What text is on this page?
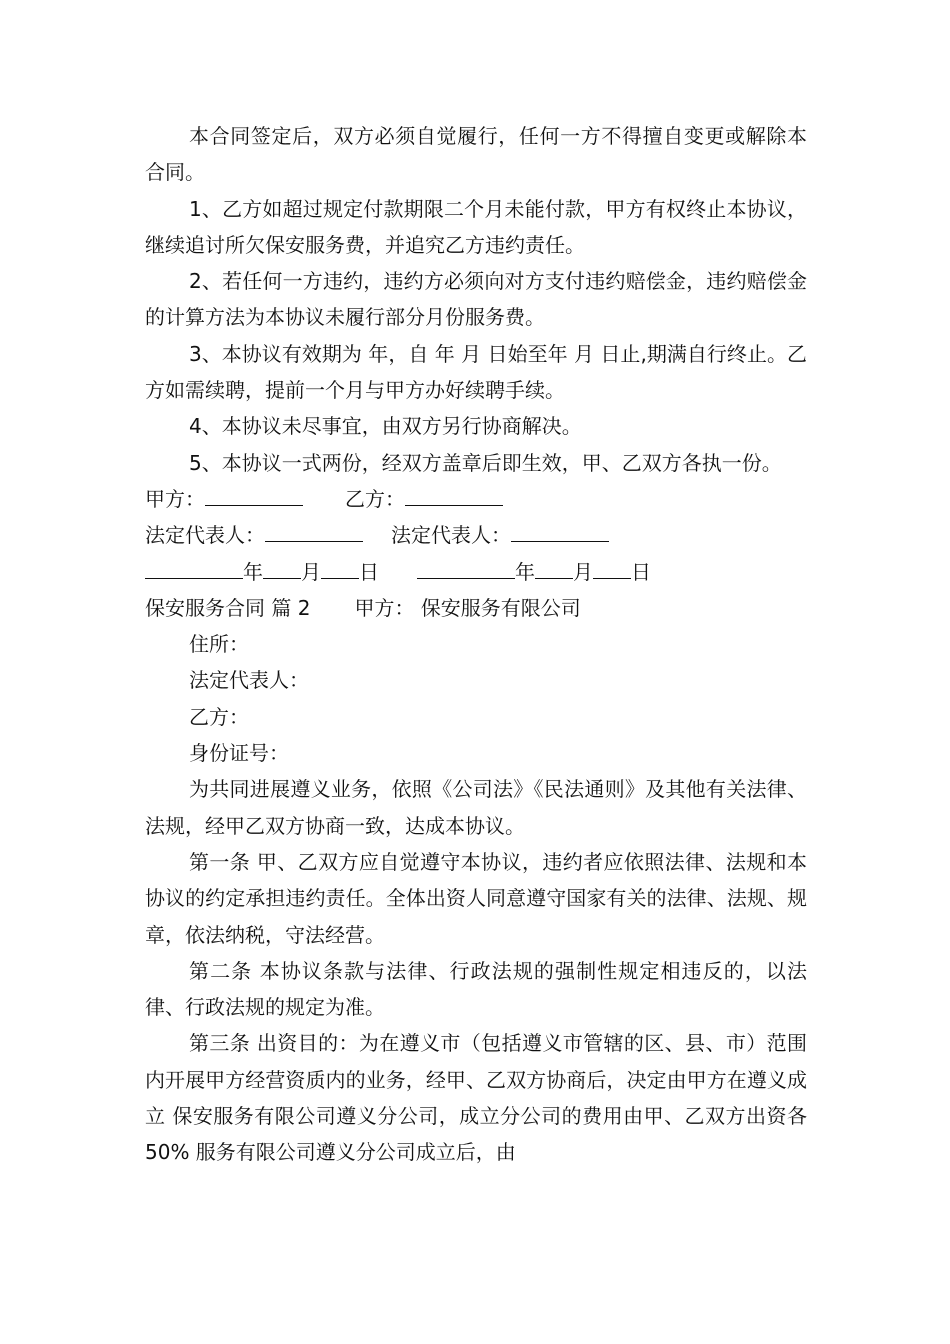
本合同签定后，双方必须自觉履行，任何一方不得擅自变更或解除本合同。

1、乙方如超过规定付款期限二个月未能付款，甲方有权终止本协议，继续追讨所欠保安服务费，并追究乙方违约责任。

2、若任何一方违约，违约方必须向对方支付违约赔偿金，违约赔偿金的计算方法为本协议未履行部分月份服务费。

3、本协议有效期为 年，自 年 月 日始至年 月 日止,期满自行终止。乙方如需续聘，提前一个月与甲方办好续聘手续。

4、本协议未尽事宜，由双方另行协商解决。

5、本协议一式两份，经双方盖章后即生效，甲、乙双方各执一份。

甲方：	乙方：

法定代表人：	法定代表人：

年 月 日	年 月 日

保安服务合同 篇 2 甲方： 保安服务有限公司

住所：

法定代表人：

乙方：

身份证号：

为共同进展遵义业务，依照《公司法》《民法通则》及其他有关法律、法规，经甲乙双方协商一致，达成本协议。

第一条 甲、乙双方应自觉遵守本协议，违约者应依照法律、法规和本协议的约定承担违约责任。全体出资人同意遵守国家有关的法律、法规、规章，依法纳税，守法经营。

第二条 本协议条款与法律、行政法规的强制性规定相违反的，以法律、行政法规的规定为准。

第三条 出资目的：为在遵义市（包括遵义市管辖的区、县、市）范围内开展甲方经营资质内的业务，经甲、乙双方协商后，决定由甲方在遵义成立 保安服务有限公司遵义分公司，成立分公司的费用由甲、乙双方出资各 50% 服务有限公司遵义分公司成立后，由
